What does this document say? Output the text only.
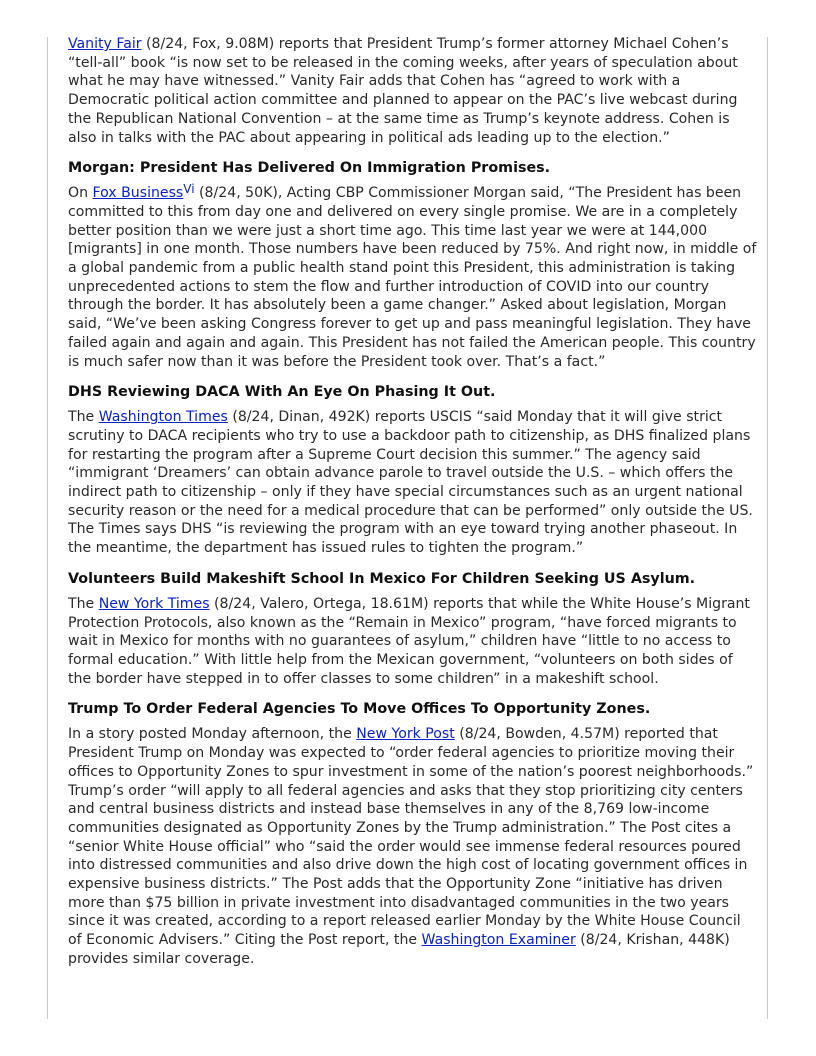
Vanity Fair (8/24, Fox, 9.08M) reports that President Trump’s former attorney Michael Cohen’s “tell-all” book “is now set to be released in the coming weeks, after years of speculation about what he may have witnessed.” Vanity Fair adds that Cohen has “agreed to work with a Democratic political action committee and planned to appear on the PAC’s live webcast during the Republican National Convention – at the same time as Trump’s keynote address. Cohen is also in talks with the PAC about appearing in political ads leading up to the election.”

Morgan: President Has Delivered On Immigration Promises.

On Fox Business$^{Vi}$ (8/24, 50K), Acting CBP Commissioner Morgan said, “The President has been committed to this from day one and delivered on every single promise. We are in a completely better position than we were just a short time ago. This time last year we were at 144,000 [migrants] in one month. Those numbers have been reduced by 75%. And right now, in middle of a global pandemic from a public health stand point this President, this administration is taking unprecedented actions to stem the flow and further introduction of COVID into our country through the border. It has absolutely been a game changer.” Asked about legislation, Morgan said, “We’ve been asking Congress forever to get up and pass meaningful legislation. They have failed again and again and again. This President has not failed the American people. This country is much safer now than it was before the President took over. That’s a fact.”

DHS Reviewing DACA With An Eye On Phasing It Out.

The Washington Times (8/24, Dinan, 492K) reports USCIS “said Monday that it will give strict scrutiny to DACA recipients who try to use a backdoor path to citizenship, as DHS finalized plans for restarting the program after a Supreme Court decision this summer.” The agency said “immigrant ‘Dreamers’ can obtain advance parole to travel outside the U.S. – which offers the indirect path to citizenship – only if they have special circumstances such as an urgent national security reason or the need for a medical procedure that can be performed” only outside the US. The Times says DHS “is reviewing the program with an eye toward trying another phaseout. In the meantime, the department has issued rules to tighten the program.”

Volunteers Build Makeshift School In Mexico For Children Seeking US Asylum.

The New York Times (8/24, Valero, Ortega, 18.61M) reports that while the White House’s Migrant Protection Protocols, also known as the “Remain in Mexico” program, “have forced migrants to wait in Mexico for months with no guarantees of asylum,” children have “little to no access to formal education.” With little help from the Mexican government, “volunteers on both sides of the border have stepped in to offer classes to some children” in a makeshift school.

Trump To Order Federal Agencies To Move Offices To Opportunity Zones.

In a story posted Monday afternoon, the New York Post (8/24, Bowden, 4.57M) reported that President Trump on Monday was expected to “order federal agencies to prioritize moving their offices to Opportunity Zones to spur investment in some of the nation’s poorest neighborhoods.” Trump’s order “will apply to all federal agencies and asks that they stop prioritizing city centers and central business districts and instead base themselves in any of the 8,769 low-income communities designated as Opportunity Zones by the Trump administration.” The Post cites a “senior White House official” who “said the order would see immense federal resources poured into distressed communities and also drive down the high cost of locating government offices in expensive business districts.” The Post adds that the Opportunity Zone “initiative has driven more than $75 billion in private investment into disadvantaged communities in the two years since it was created, according to a report released earlier Monday by the White House Council of Economic Advisers.” Citing the Post report, the Washington Examiner (8/24, Krishan, 448K) provides similar coverage.
